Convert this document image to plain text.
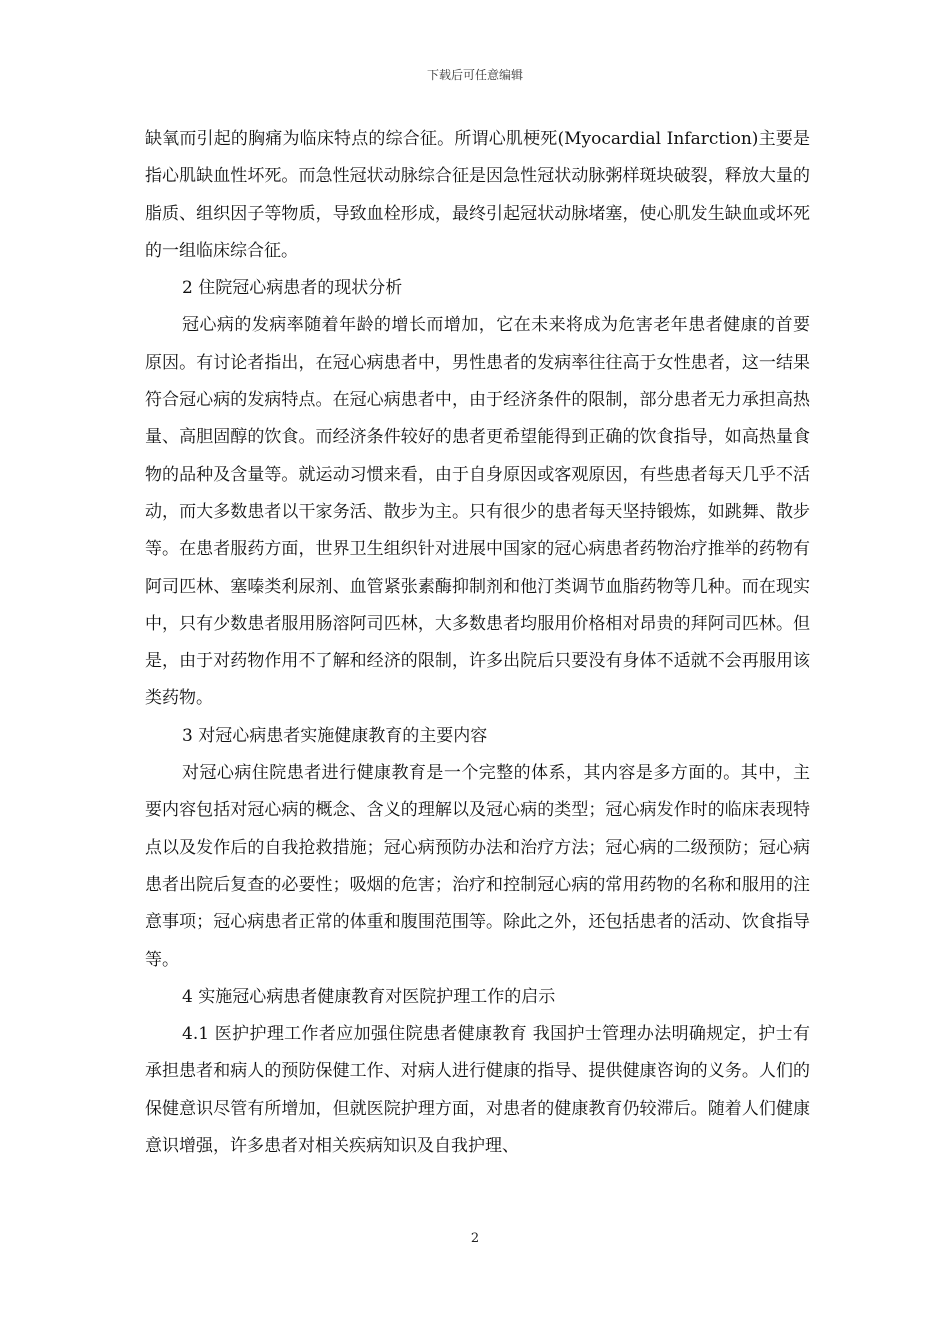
下载后可任意编辑

缺氧而引起的胸痛为临床特点的综合征。所谓心肌梗死(Myocardial Infarction)主要是指心肌缺血性坏死。而急性冠状动脉综合征是因急性冠状动脉粥样斑块破裂，释放大量的脂质、组织因子等物质，导致血栓形成，最终引起冠状动脉堵塞，使心肌发生缺血或坏死的一组临床综合征。

2 住院冠心病患者的现状分析

冠心病的发病率随着年龄的增长而增加，它在未来将成为危害老年患者健康的首要原因。有讨论者指出，在冠心病患者中，男性患者的发病率往往高于女性患者，这一结果符合冠心病的发病特点。在冠心病患者中，由于经济条件的限制，部分患者无力承担高热量、高胆固醇的饮食。而经济条件较好的患者更希望能得到正确的饮食指导，如高热量食物的品种及含量等。就运动习惯来看，由于自身原因或客观原因，有些患者每天几乎不活动，而大多数患者以干家务活、散步为主。只有很少的患者每天坚持锻炼，如跳舞、散步等。在患者服药方面，世界卫生组织针对进展中国家的冠心病患者药物治疗推举的药物有阿司匹林、塞嗪类利尿剂、血管紧张素酶抑制剂和他汀类调节血脂药物等几种。而在现实中，只有少数患者服用肠溶阿司匹林，大多数患者均服用价格相对昂贵的拜阿司匹林。但是，由于对药物作用不了解和经济的限制，许多出院后只要没有身体不适就不会再服用该类药物。

3 对冠心病患者实施健康教育的主要内容

对冠心病住院患者进行健康教育是一个完整的体系，其内容是多方面的。其中，主要内容包括对冠心病的概念、含义的理解以及冠心病的类型；冠心病发作时的临床表现特点以及发作后的自我抢救措施；冠心病预防办法和治疗方法；冠心病的二级预防；冠心病患者出院后复查的必要性；吸烟的危害；治疗和控制冠心病的常用药物的名称和服用的注意事项；冠心病患者正常的体重和腹围范围等。除此之外，还包括患者的活动、饮食指导等。

4 实施冠心病患者健康教育对医院护理工作的启示

4.1 医护护理工作者应加强住院患者健康教育 我国护士管理办法明确规定，护士有承担患者和病人的预防保健工作、对病人进行健康的指导、提供健康咨询的义务。人们的保健意识尽管有所增加，但就医院护理方面，对患者的健康教育仍较滞后。随着人们健康意识增强，许多患者对相关疾病知识及自我护理、

2
